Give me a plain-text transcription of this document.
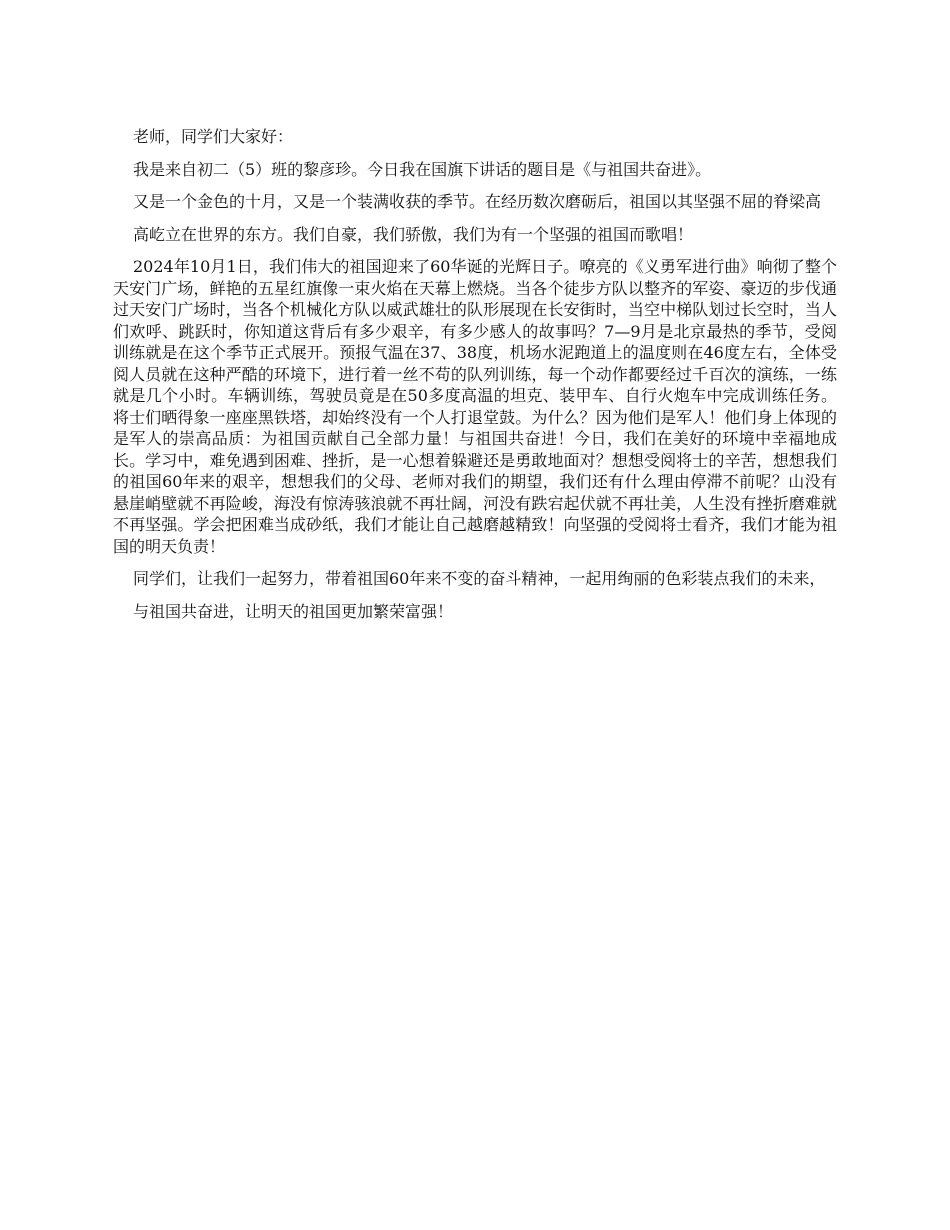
老师，同学们大家好：

我是来自初二（5）班的黎彦珍。今日我在国旗下讲话的题目是《与祖国共奋进》。

又是一个金色的十月，又是一个装满收获的季节。在经历数次磨砺后，祖国以其坚强不屈的脊梁高

高屹立在世界的东方。我们自豪，我们骄傲，我们为有一个坚强的祖国而歌唱！

2024年10月1日，我们伟大的祖国迎来了60华诞的光辉日子。嘹亮的《义勇军进行曲》响彻了整个天安门广场，鲜艳的五星红旗像一束火焰在天幕上燃烧。当各个徒步方队以整齐的军姿、豪迈的步伐通过天安门广场时，当各个机械化方队以威武雄壮的队形展现在长安街时，当空中梯队划过长空时，当人们欢呼、跳跃时，你知道这背后有多少艰辛，有多少感人的故事吗？7—9月是北京最热的季节，受阅训练就是在这个季节正式展开。预报气温在37、38度，机场水泥跑道上的温度则在46度左右，全体受阅人员就在这种严酷的环境下，进行着一丝不苟的队列训练，每一个动作都要经过千百次的演练，一练就是几个小时。车辆训练，驾驶员竟是在50多度高温的坦克、装甲车、自行火炮车中完成训练任务。将士们晒得象一座座黑铁塔，却始终没有一个人打退堂鼓。为什么？因为他们是军人！他们身上体现的是军人的崇高品质：为祖国贡献自己全部力量！与祖国共奋进！今日，我们在美好的环境中幸福地成长。学习中，难免遇到困难、挫折，是一心想着躲避还是勇敢地面对？想想受阅将士的辛苦，想想我们的祖国60年来的艰辛，想想我们的父母、老师对我们的期望，我们还有什么理由停滞不前呢？山没有悬崖峭壁就不再险峻，海没有惊涛骇浪就不再壮阔，河没有跌宕起伏就不再壮美，人生没有挫折磨难就不再坚强。学会把困难当成砂纸，我们才能让自己越磨越精致！向坚强的受阅将士看齐，我们才能为祖国的明天负责！

同学们，让我们一起努力，带着祖国60年来不变的奋斗精神，一起用绚丽的色彩装点我们的未来，

与祖国共奋进，让明天的祖国更加繁荣富强！
